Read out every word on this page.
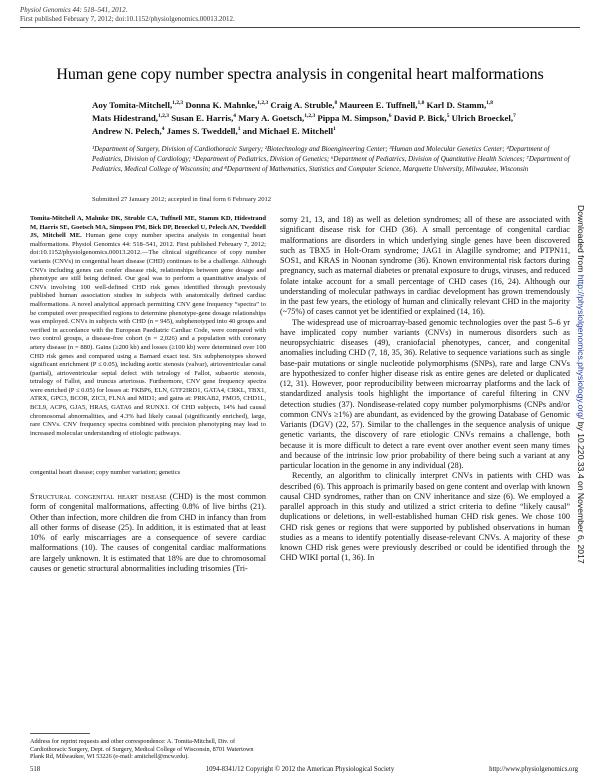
Physiol Genomics 44: 518–541, 2012.
First published February 7, 2012; doi:10.1152/physiolgenomics.00013.2012.
Human gene copy number spectra analysis in congenital heart malformations
Aoy Tomita-Mitchell,$^{1,2,3}$ Donna K. Mahnke,$^{1,2,3}$ Craig A. Struble,$^8$ Maureen E. Tuffnell,$^{1,8}$ Karl D. Stamm,$^{1,8}$ Mats Hidestrand,$^{1,2,3}$ Susan E. Harris,$^4$ Mary A. Goetsch,$^{1,2,3}$ Pippa M. Simpson,$^6$ David P. Bick,$^5$ Ulrich Broeckel,$^7$ Andrew N. Pelech,$^4$ James S. Tweddell,$^1$ and Michael E. Mitchell$^1$
¹Department of Surgery, Division of Cardiothoracic Surgery; ²Biotechnology and Bioengineering Center; ³Human and Molecular Genetics Center; ⁴Department of Pediatrics, Division of Cardiology; ⁵Department of Pediatrics, Division of Genetics; ⁶Department of Pediatrics, Division of Quantitative Health Sciences; ⁷Department of Pediatrics, Medical College of Wisconsin; and ⁸Department of Mathematics, Statistics and Computer Science, Marquette University, Milwaukee, Wisconsin
Submitted 27 January 2012; accepted in final form 6 February 2012
Tomita-Mitchell A, Mahnke DK, Struble CA, Tuffnell ME, Stamm KD, Hidestrand M, Harris SE, Goetsch MA, Simpson PM, Bick DP, Broeckel U, Pelech AN, Tweddell JS, Mitchell ME. Human gene copy number spectra analysis in congenital heart malformations. Physiol Genomics 44: 518–541, 2012. First published February 7, 2012; doi:10.1152/physiolgenomics.00013.2012.—The clinical significance of copy number variants (CNVs) in congenital heart disease (CHD) continues to be a challenge. Although CNVs including genes can confer disease risk, relationships between gene dosage and phenotype are still being defined. Our goal was to perform a quantitative analysis of CNVs involving 100 well-defined CHD risk genes identified through previously published human association studies in subjects with anatomically defined cardiac malformations. A novel analytical approach permitting CNV gene frequency “spectra” to be computed over prespecified regions to determine phenotype-gene dosage relationships was employed. CNVs in subjects with CHD (n = 945), subphenotyped into 40 groups and verified in accordance with the European Paediatric Cardiac Code, were compared with two control groups, a disease-free cohort (n = 2,026) and a population with coronary artery disease (n = 880). Gains (≥200 kb) and losses (≥100 kb) were determined over 100 CHD risk genes and compared using a Barnard exact test. Six subphenotypes showed significant enrichment (P ≤ 0.05), including aortic stenosis (valvar), atrioventricular canal (partial), atrioventricular septal defect with tetralogy of Fallot, subaortic stenosis, tetralogy of Fallot, and truncus arteriosus. Furthermore, CNV gene frequency spectra were enriched (P ≤ 0.05) for losses at: FKBP6, ELN, GTF2IRD1, GATA4, CRKL, TBX1, ATRX, GPC3, BCOR, ZIC3, FLNA and MID1; and gains at: PRKAB2, FMO5, CHD1L, BCL9, ACP6, GJA5, HRAS, GATA6 and RUNX1. Of CHD subjects, 14% had causal chromosomal abnormalities, and 4.3% had likely causal (significantly enriched), large, rare CNVs. CNV frequency spectra combined with precision phenotyping may lead to increased molecular understanding of etiologic pathways.
congenital heart disease; copy number variation; genetics
Structural congenital heart disease (CHD) is the most common form of congenital malformations, affecting 0.8% of live births (21). Other than infection, more children die from CHD in infancy than from all other forms of disease (25). In addition, it is estimated that at least 10% of early miscarriages are a consequence of severe cardiac malformations (10). The causes of congenital cardiac malformations are largely unknown. It is estimated that 18% are due to chromosomal causes or genetic structural abnormalities including trisomies (Tri-

somy 21, 13, and 18) as well as deletion syndromes; all of these are associated with significant disease risk for CHD (36). A small percentage of congenital cardiac malformations are disorders in which underlying single genes have been discovered such as TBX5 in Holt-Oram syndrome; JAG1 in Alagille syndrome; and PTPN11, SOS1, and KRAS in Noonan syndrome (36). Known environmental risk factors during pregnancy, such as maternal diabetes or prenatal exposure to drugs, viruses, and reduced folate intake account for a small percentage of CHD cases (16, 24). Although our understanding of molecular pathways in cardiac development has grown tremendously in the past few years, the etiology of human and clinically relevant CHD in the majority (~75%) of cases cannot yet be identified or explained (14, 16).

The widespread use of microarray-based genomic technologies over the past 5–6 yr have implicated copy number variants (CNVs) in numerous disorders such as neuropsychiatric diseases (49), craniofacial phenotypes, cancer, and congenital anomalies including CHD (7, 18, 35, 36). Relative to sequence variations such as single base-pair mutations or single nucleotide polymorphisms (SNPs), rare and large CNVs are hypothesized to confer higher disease risk as entire genes are deleted or duplicated (12, 31). However, poor reproducibility between microarray platforms and the lack of standardized analysis tools highlight the importance of careful filtering in CNV detection studies (37). Nondisease-related copy number polymorphisms (CNPs and/or common CNVs ≥1%) are abundant, as evidenced by the growing Database of Genomic Variants (DGV) (22, 57). Similar to the challenges in the sequence analysis of unique genetic variants, the discovery of rare etiologic CNVs remains a challenge, both because it is more difficult to detect a rare event over another event seen many times and because of the intrinsic low prior probability of there being such a variant at any particular location in the genome in any individual (28).

Recently, an algorithm to clinically interpret CNVs in patients with CHD was described (6). This approach is primarily based on gene content and overlap with known causal CHD syndromes, rather than on CNV inheritance and size (6). We employed a parallel approach in this study and utilized a strict criteria to define “likely causal” duplications or deletions, in well-established human CHD risk genes. We chose 100 CHD risk genes or regions that were supported by published observations in human studies as a means to identify potentially disease-relevant CNVs. A majority of these known CHD risk genes were previously described or could be identified through the CHD WIKI portal (1, 36). In

Address for reprint requests and other correspondence: A. Tomita-Mitchell, Div. of Cardiothoracic Surgery, Dept. of Surgery, Medical College of Wisconsin, 8701 Watertown Plank Rd, Milwaukee, WI 53226 (e-mail: amitchell@mcw.edu).
518	1094-8341/12 Copyright © 2012 the American Physiological Society	http://www.physiolgenomics.org
Downloaded from http://physiolgenomics.physiology.org/ by 10.220.33.4 on November 6, 2017
